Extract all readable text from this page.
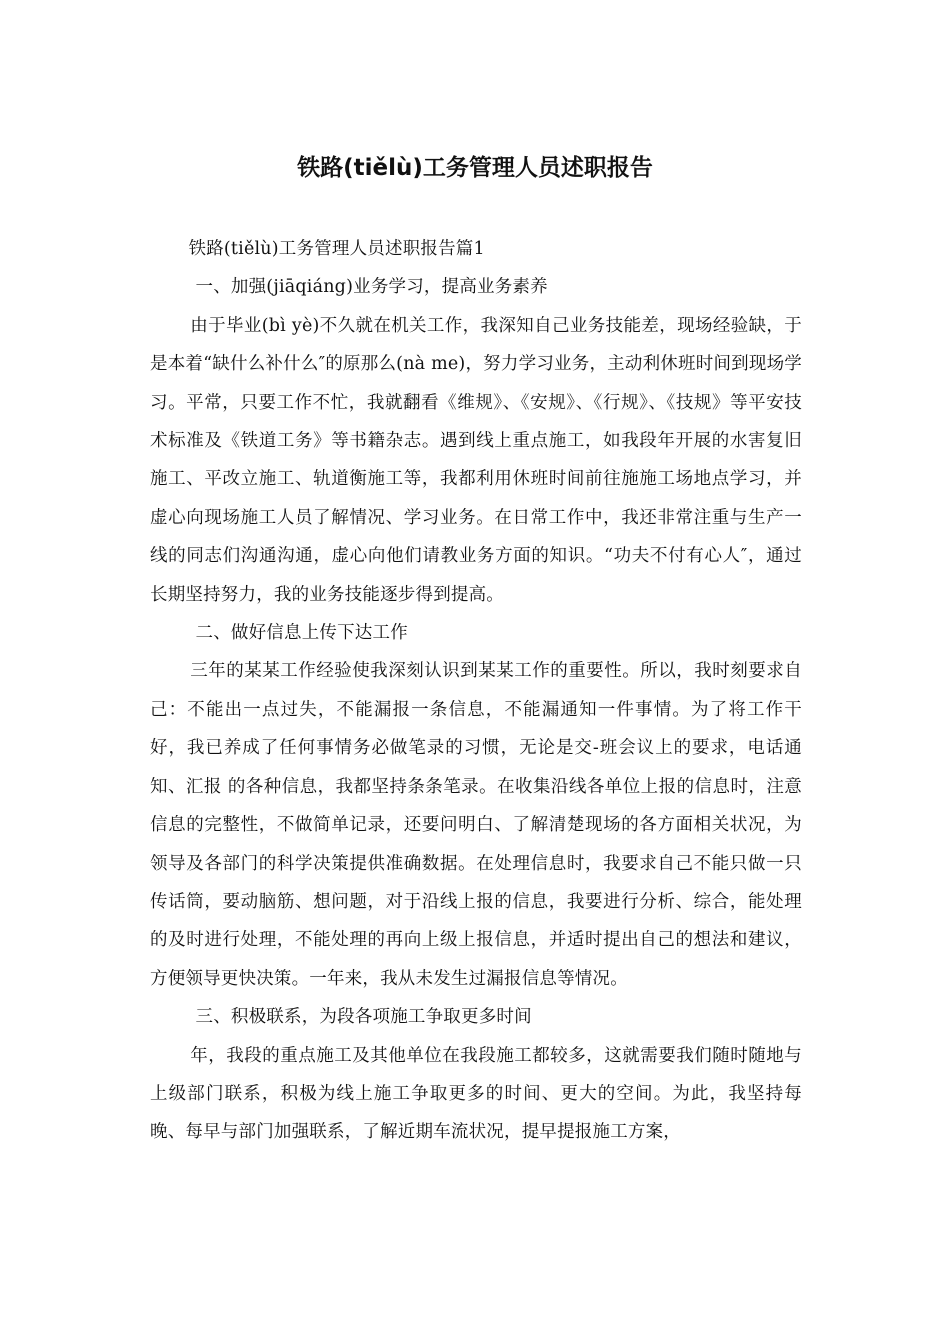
铁路(tiělù)工务管理人员述职报告

铁路(tiělù)工务管理人员述职报告篇1

一、加强(jiāqiáng)业务学习，提高业务素养

由于毕业(bì yè)不久就在机关工作，我深知自己业务技能差，现场经验缺，于是本着“缺什么补什么″的原那么(nà me)，努力学习业务，主动利休班时间到现场学习。平常，只要工作不忙，我就翻看《维规》、《安规》、《行规》、《技规》等平安技术标准及《铁道工务》等书籍杂志。遇到线上重点施工，如我段年开展的水害复旧施工、平改立施工、轨道衡施工等，我都利用休班时间前往施施工场地点学习，并虚心向现场施工人员了解情况、学习业务。在日常工作中，我还非常注重与生产一线的同志们沟通沟通，虚心向他们请教业务方面的知识。“功夫不付有心人″，通过长期坚持努力，我的业务技能逐步得到提高。

二、做好信息上传下达工作

三年的某某工作经验使我深刻认识到某某工作的重要性。所以，我时刻要求自己：不能出一点过失，不能漏报一条信息，不能漏通知一件事情。为了将工作干好，我已养成了任何事情务必做笔录的习惯，无论是交-班会议上的要求，电话通知、汇报 的各种信息，我都坚持条条笔录。在收集沿线各单位上报的信息时，注意信息的完整性，不做简单记录，还要问明白、了解清楚现场的各方面相关状况，为领导及各部门的科学决策提供准确数据。在处理信息时，我要求自己不能只做一只传话筒，要动脑筋、想问题，对于沿线上报的信息，我要进行分析、综合，能处理的及时进行处理，不能处理的再向上级上报信息，并适时提出自己的想法和建议，方便领导更快决策。一年来，我从未发生过漏报信息等情况。

三、积极联系，为段各项施工争取更多时间

年，我段的重点施工及其他单位在我段施工都较多，这就需要我们随时随地与上级部门联系，积极为线上施工争取更多的时间、更大的空间。为此，我坚持每晚、每早与部门加强联系，了解近期车流状况，提早提报施工方案，
